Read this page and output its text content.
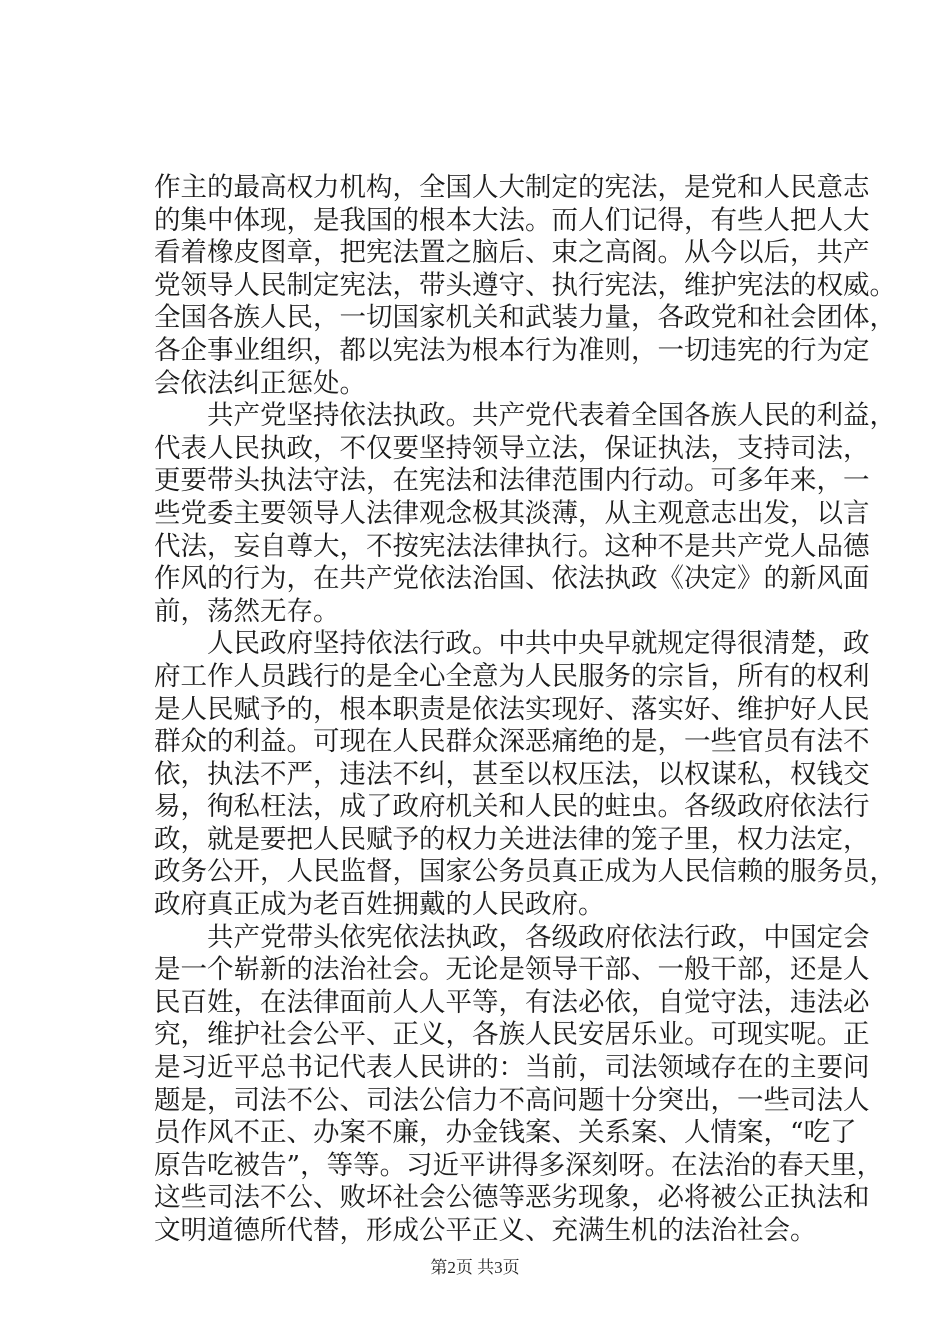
作 主 的 最 高 权 力 机 构 ， 全 国 人 大 制 定 的 宪 法 ， 是 党 和 人 民 意 志
的 集 中 体 现 ， 是 我 国 的 根 本 大 法 。 而 人 们 记 得 ， 有 些 人 把 人 大
看 着 橡 皮 图 章 ， 把 宪 法 置 之 脑 后 、 束 之 高 阁 。 从 今 以 后 ， 共 产
党 领 导 人 民 制 定 宪 法 ， 带 头 遵 守 、 执 行 宪 法 ， 维 护 宪 法 的 权 威 。
全 国 各 族 人 民 ， 一 切 国 家 机 关 和 武 装 力 量 ， 各 政 党 和 社 会 团 体 ，
各 企 事 业 组 织 ， 都 以 宪 法 为 根 本 行 为 准 则 ， 一 切 违 宪 的 行 为 定
会 依 法 纠 正 惩 处 。
共 产 党 坚 持 依 法 执 政 。 共 产 党 代 表 着 全 国 各 族 人 民 的 利 益 ，
代 表 人 民 执 政 ， 不 仅 要 坚 持 领 导 立 法 ， 保 证 执 法 ， 支 持 司 法 ，
更 要 带 头 执 法 守 法 ， 在 宪 法 和 法 律 范 围 内 行 动 。 可 多 年 来 ， 一
些 党 委 主 要 领 导 人 法 律 观 念 极 其 淡 薄 ， 从 主 观 意 志 出 发 ， 以 言
代 法 ， 妄 自 尊 大 ， 不 按 宪 法 法 律 执 行 。 这 种 不 是 共 产 党 人 品 德
作 风 的 行 为 ， 在 共 产 党 依 法 治 国 、 依 法 执 政 《 决 定 》 的 新 风 面
前 ， 荡 然 无 存 。
人 民 政 府 坚 持 依 法 行 政 。 中 共 中 央 早 就 规 定 得 很 清 楚 ， 政
府 工 作 人 员 践 行 的 是 全 心 全 意 为 人 民 服 务 的 宗 旨 ， 所 有 的 权 利
是 人 民 赋 予 的 ， 根 本 职 责 是 依 法 实 现 好 、 落 实 好 、 维 护 好 人 民
群 众 的 利 益 。 可 现 在 人 民 群 众 深 恶 痛 绝 的 是 ， 一 些 官 员 有 法 不
依 ， 执 法 不 严 ， 违 法 不 纠 ， 甚 至 以 权 压 法 ， 以 权 谋 私 ， 权 钱 交
易 ， 徇 私 枉 法 ， 成 了 政 府 机 关 和 人 民 的 蛀 虫 。 各 级 政 府 依 法 行
政 ， 就 是 要 把 人 民 赋 予 的 权 力 关 进 法 律 的 笼 子 里 ， 权 力 法 定 ，
政 务 公 开 ， 人 民 监 督 ， 国 家 公 务 员 真 正 成 为 人 民 信 赖 的 服 务 员 ，
政 府 真 正 成 为 老 百 姓 拥 戴 的 人 民 政 府 。
共 产 党 带 头 依 宪 依 法 执 政 ， 各 级 政 府 依 法 行 政 ， 中 国 定 会
是 一 个 崭 新 的 法 治 社 会 。 无 论 是 领 导 干 部 、 一 般 干 部 ， 还 是 人
民 百 姓 ， 在 法 律 面 前 人 人 平 等 ， 有 法 必 依 ， 自 觉 守 法 ， 违 法 必
究 ， 维 护 社 会 公 平 、 正 义 ， 各 族 人 民 安 居 乐 业 。 可 现 实 呢 。 正
是 习 近 平 总 书 记 代 表 人 民 讲 的 ： 当 前 ， 司 法 领 域 存 在 的 主 要 问
题 是 ， 司 法 不 公 、 司 法 公 信 力 不 高 问 题 十 分 突 出 ， 一 些 司 法 人
员 作 风 不 正 、 办 案 不 廉 ， 办 金 钱 案 、 关 系 案 、 人 情 案 ， “ 吃 了
原 告 吃 被 告 ” ， 等 等 。 习 近 平 讲 得 多 深 刻 呀 。 在 法 治 的 春 天 里 ，
这 些 司 法 不 公 、 败 坏 社 会 公 德 等 恶 劣 现 象 ， 必 将 被 公 正 执 法 和
文 明 道 德 所 代 替 ， 形 成 公 平 正 义 、 充 满 生 机 的 法 治 社 会 。
第2页 共3页
